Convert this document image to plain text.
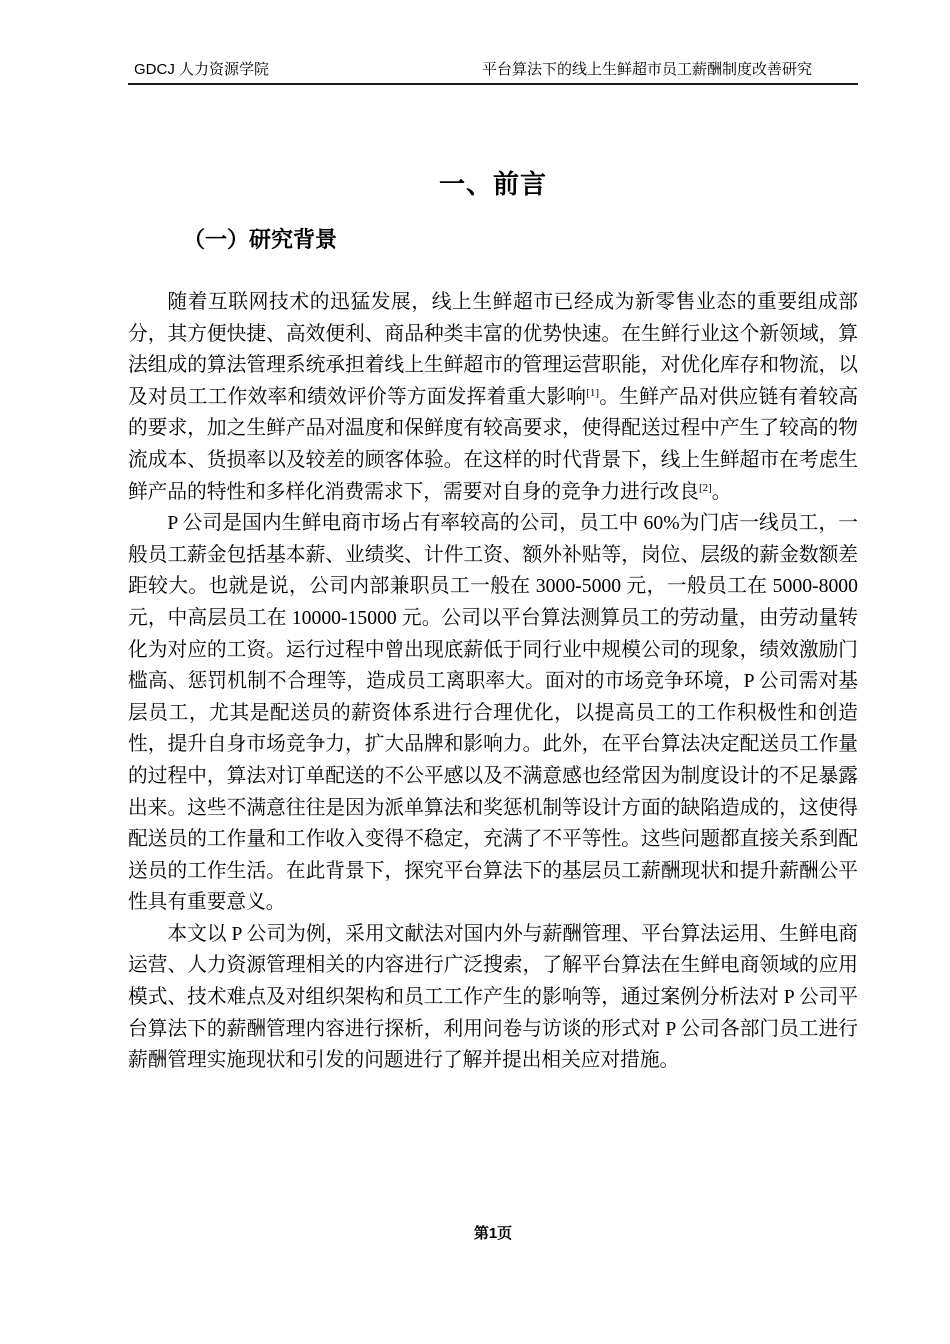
GDCJ 人力资源学院	平台算法下的线上生鲜超市员工薪酬制度改善研究
一、前言
（一）研究背景

随着互联网技术的迅猛发展，线上生鲜超市已经成为新零售业态的重要组成部分，其方便快捷、高效便利、商品种类丰富的优势快速。在生鲜行业这个新领域，算法组成的算法管理系统承担着线上生鲜超市的管理运营职能，对优化库存和物流，以及对员工工作效率和绩效评价等方面发挥着重大影响[1]。生鲜产品对供应链有着较高的要求，加之生鲜产品对温度和保鲜度有较高要求，使得配送过程中产生了较高的物流成本、货损率以及较差的顾客体验。在这样的时代背景下，线上生鲜超市在考虑生鲜产品的特性和多样化消费需求下，需要对自身的竞争力进行改良[2]。

P 公司是国内生鲜电商市场占有率较高的公司，员工中 60%为门店一线员工，一般员工薪金包括基本薪、业绩奖、计件工资、额外补贴等，岗位、层级的薪金数额差距较大。也就是说，公司内部兼职员工一般在 3000-5000 元，一般员工在 5000-8000 元，中高层员工在 10000-15000 元。公司以平台算法测算员工的劳动量，由劳动量转化为对应的工资。运行过程中曾出现底薪低于同行业中规模公司的现象，绩效激励门槛高、惩罚机制不合理等，造成员工离职率大。面对的市场竞争环境，P 公司需对基层员工，尤其是配送员的薪资体系进行合理优化，以提高员工的工作积极性和创造性，提升自身市场竞争力，扩大品牌和影响力。此外，在平台算法决定配送员工作量的过程中，算法对订单配送的不公平感以及不满意感也经常因为制度设计的不足暴露出来。这些不满意往往是因为派单算法和奖惩机制等设计方面的缺陷造成的，这使得配送员的工作量和工作收入变得不稳定，充满了不平等性。这些问题都直接关系到配送员的工作生活。在此背景下，探究平台算法下的基层员工薪酬现状和提升薪酬公平性具有重要意义。

本文以 P 公司为例，采用文献法对国内外与薪酬管理、平台算法运用、生鲜电商运营、人力资源管理相关的内容进行广泛搜索，了解平台算法在生鲜电商领域的应用模式、技术难点及对组织架构和员工工作产生的影响等，通过案例分析法对 P 公司平台算法下的薪酬管理内容进行探析，利用问卷与访谈的形式对 P 公司各部门员工进行薪酬管理实施现状和引发的问题进行了解并提出相关应对措施。

第1页
